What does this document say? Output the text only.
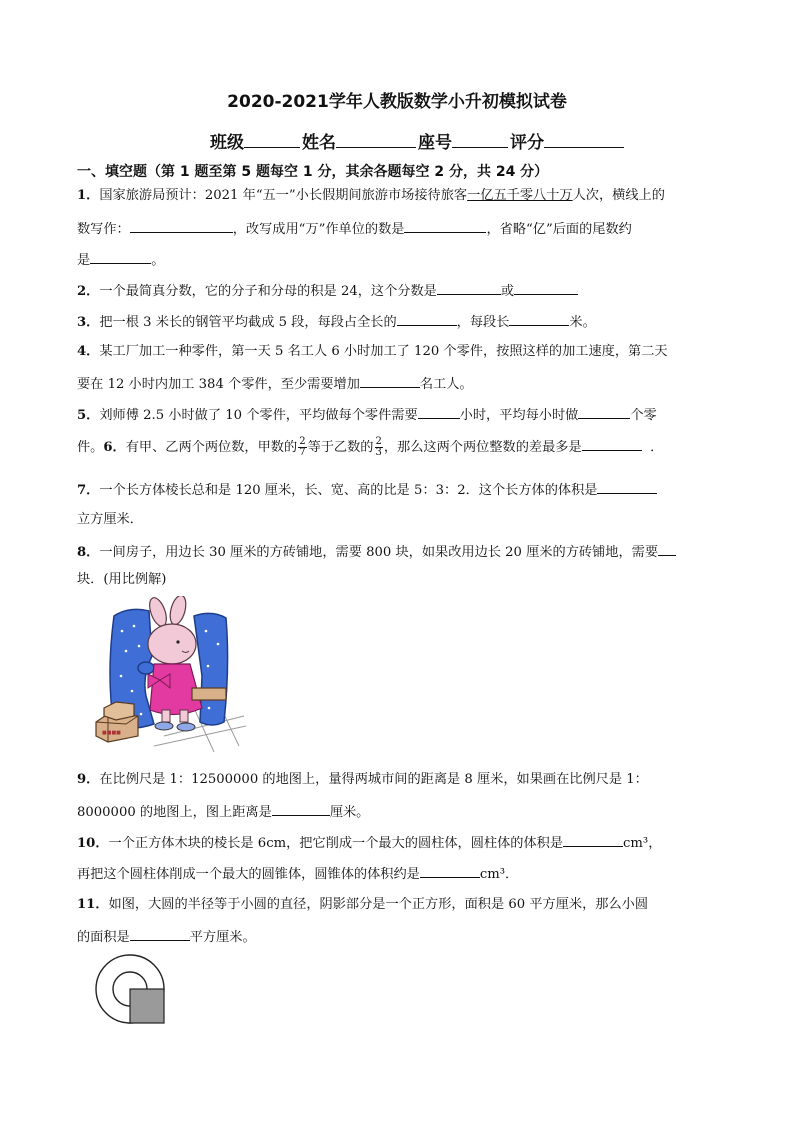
2020-2021学年人教版数学小升初模拟试卷
班级	姓名	座号	评分
一、填空题（第 1 题至第 5 题每空 1 分，其余各题每空 2 分，共 24 分）
1．国家旅游局预计：2021 年“五一”小长假期间旅游市场接待旅客一亿五千零八十万人次，横线上的
数写作：	，改写成用“万”作单位的数是	，省略“亿”后面的尾数约
是	。
2．一个最简真分数，它的分子和分母的积是 24，这个分数是	或
3．把一根 3 米长的钢管平均截成 5 段，每段占全长的	，每段长	米。
4．某工厂加工一种零件，第一天 5 名工人 6 小时加工了 120 个零件，按照这样的加工速度，第二天
要在 12 小时内加工 384 个零件，至少需要增加	名工人。
5．刘师傅 2.5 小时做了 10 个零件，平均做每个零件需要	小时，平均每小时做	个零
件。6．有甲、乙两个两位数，甲数的 $\frac{2}{7}$ 等于乙数的 $\frac{2}{3}$ ，那么这两个两位整数的差最多是	．
7．一个长方体棱长总和是 120 厘米，长、宽、高的比是 5：3：2．这个长方体的体积是
立方厘米．
8．一间房子，用边长 30 厘米的方砖铺地，需要 800 块，如果改用边长 20 厘米的方砖铺地，需要
块．(用比例解)
■■■■
9．在比例尺是 1：12500000 的地图上，量得两城市间的距离是 8 厘米，如果画在比例尺是 1：
8000000 的地图上，图上距离是	厘米。
10．一个正方体木块的棱长是 6cm，把它削成一个最大的圆柱体，圆柱体的体积是	cm³，
再把这个圆柱体削成一个最大的圆锥体，圆锥体的体积约是	cm³．
11．如图，大圆的半径等于小圆的直径，阴影部分是一个正方形，面积是 60 平方厘米，那么小圆
的面积是	平方厘米。
